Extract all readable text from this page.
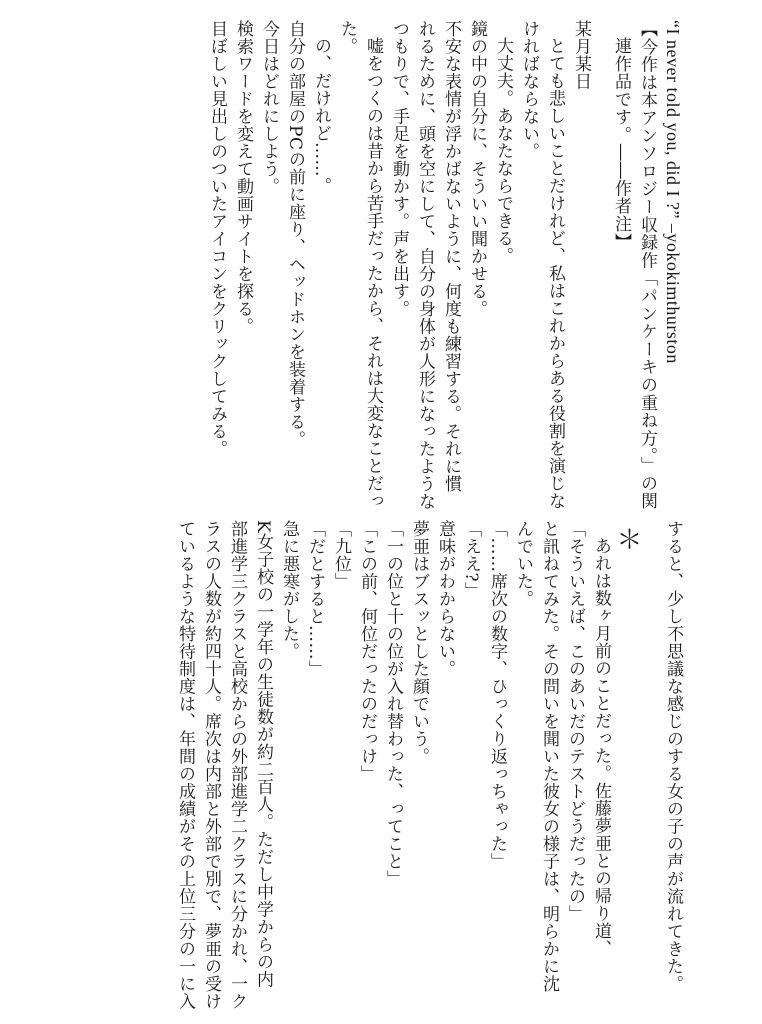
“I never told you, did I ?” –yokokimthurston
【今作は本アンソロジー収録作「パンケーキの重ね方。」の関
連作品です。――作者注】
某月某日
とても悲しいことだけれど、私はこれからある役割を演じな
ければならない。
大丈夫。あなたならできる。
鏡の中の自分に、そういい聞かせる。
不安な表情が浮かばないように、何度も練習する。それに慣
れるために、頭を空にして、自分の身体が人形になったような
つもりで、手足を動かす。声を出す。
嘘をつくのは昔から苦手だったから、それは大変なことだっ
た。
の、だけれど……。
自分の部屋のPCの前に座り、ヘッドホンを装着する。
今日はどれにしよう。
検索ワードを変えて動画サイトを探る。
目ぼしい見出しのついたアイコンをクリックしてみる。
すると、少し不思議な感じのする女の子の声が流れてきた。
＊
あれは数ヶ月前のことだった。佐藤夢亜との帰り道、
「そういえば、このあいだのテストどうだったの」
と訊ねてみた。その問いを聞いた彼女の様子は、明らかに沈
んでいた。
「……席次の数字、ひっくり返っちゃった」
「ええ?」
意味がわからない。
夢亜はブスッとした顔でいう。
「一の位と十の位が入れ替わった、ってこと」
「この前、何位だったのだっけ」
「九位」
「だとすると……」
急に悪寒がした。
K女子校の一学年の生徒数が約二百人。ただし中学からの内
部進学三クラスと高校からの外部進学二クラスに分かれ、一ク
ラスの人数が約四十人。席次は内部と外部で別で、夢亜の受け
ているような特待制度は、年間の成績がその上位三分の一に入
